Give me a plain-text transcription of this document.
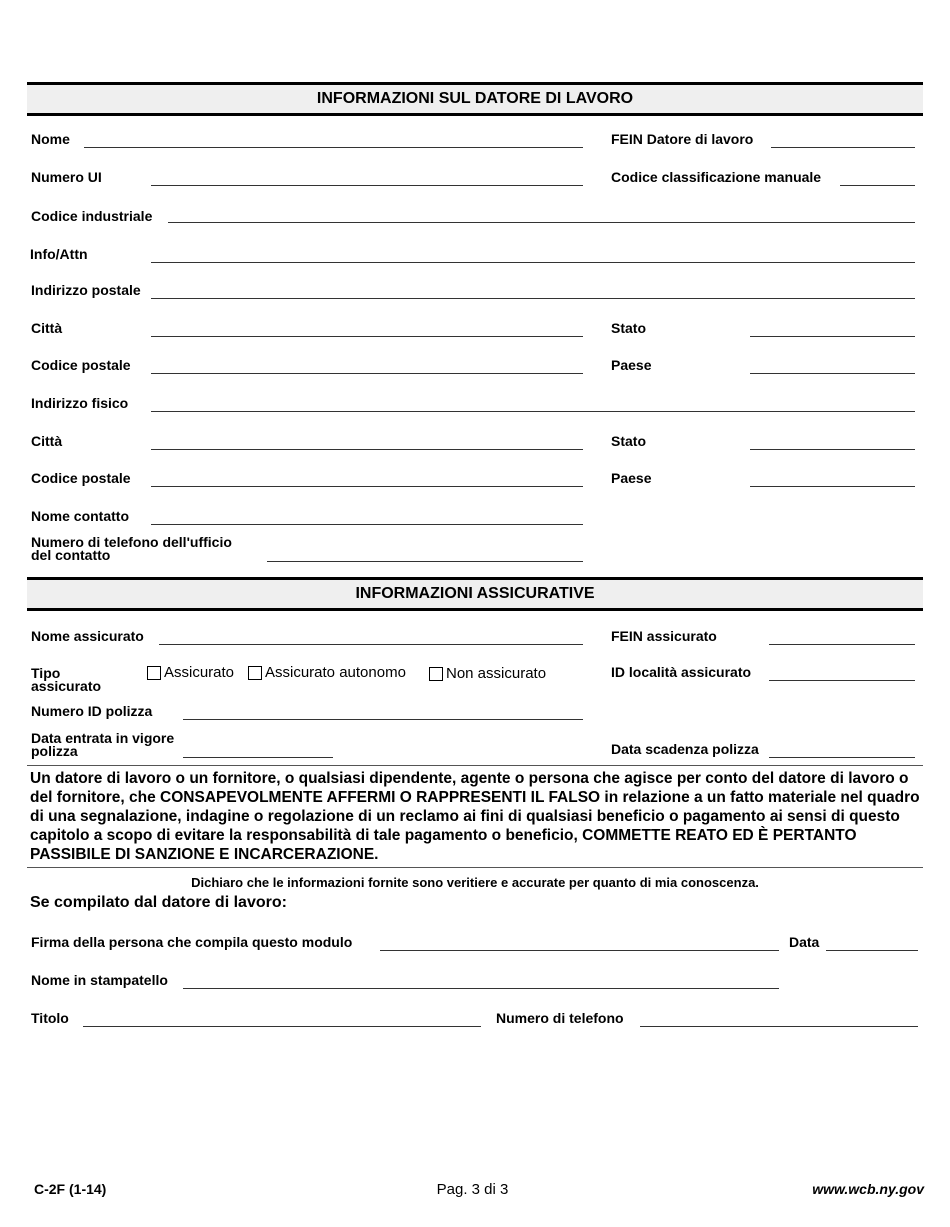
INFORMAZIONI SUL DATORE DI LAVORO
Nome	FEIN Datore di lavoro
Numero UI	Codice classificazione manuale
Codice industriale
Info/Attn
Indirizzo postale
Città	Stato
Codice postale	Paese
Indirizzo fisico
Città	Stato
Codice postale	Paese
Nome contatto
Numero di telefono dell'ufficio
del contatto
INFORMAZIONI ASSICURATIVE
Nome assicurato	FEIN assicurato
Tipo
assicurato
Assicurato Assicurato autonomo	Non assicurato	ID località assicurato
Numero ID polizza
Data entrata in vigore
polizza	Data scadenza polizza
Un datore di lavoro o un fornitore, o qualsiasi dipendente, agente o persona che agisce per conto del datore di lavoro o del fornitore, che CONSAPEVOLMENTE AFFERMI O RAPPRESENTI IL FALSO in relazione a un fatto materiale nel quadro di una segnalazione, indagine o regolazione di un reclamo ai fini di qualsiasi beneficio o pagamento ai sensi di questo capitolo a scopo di evitare la responsabilità di tale pagamento o beneficio, COMMETTE REATO ED È PERTANTO PASSIBILE DI SANZIONE E INCARCERAZIONE.
Dichiaro che le informazioni fornite sono veritiere e accurate per quanto di mia conoscenza.
Se compilato dal datore di lavoro:
Firma della persona che compila questo modulo	Data
Nome in stampatello
Titolo	Numero di telefono
C-2F (1-14)	Pag. 3 di 3	www.wcb.ny.gov
